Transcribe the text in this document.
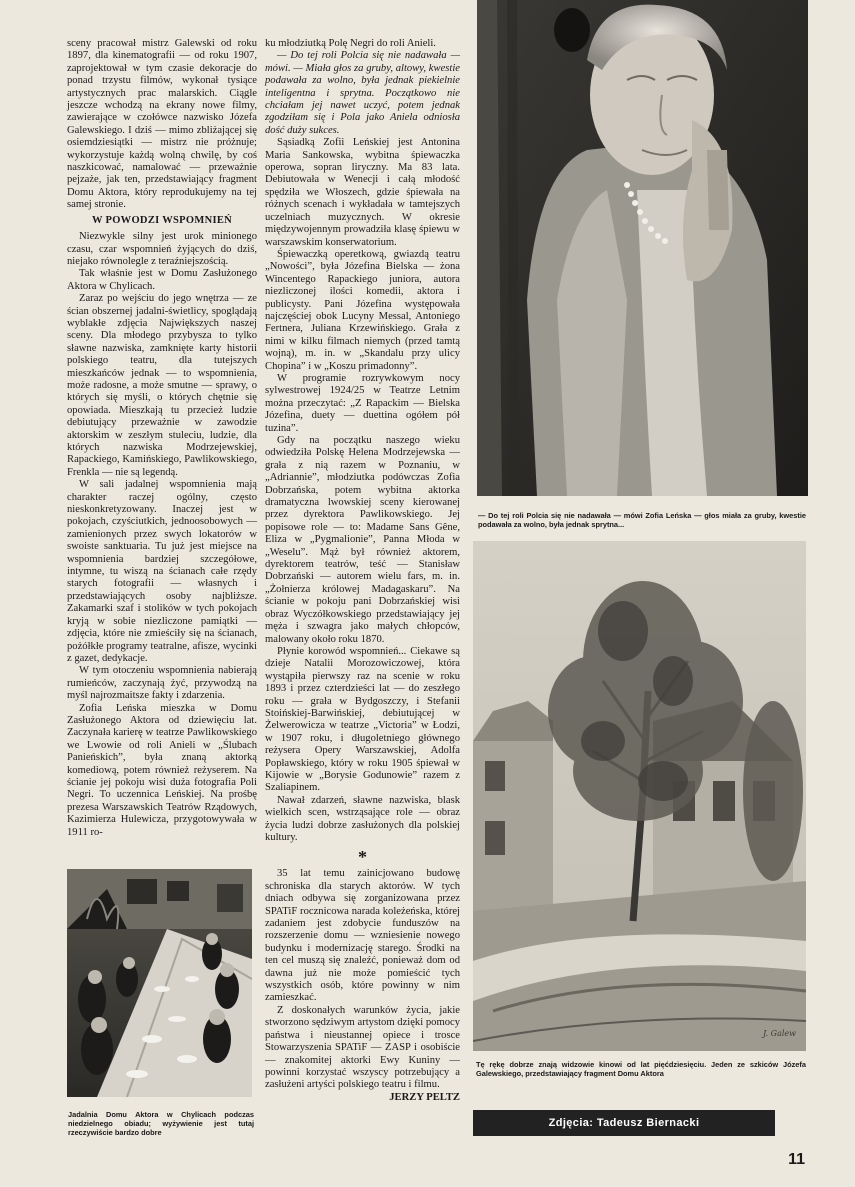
sceny pracował mistrz Galewski od roku 1897, dla kinematografii — od roku 1907, zaprojektował w tym czasie dekoracje do ponad trzystu filmów, wykonał tysiące artystycznych prac malarskich. Ciągle jeszcze wchodzą na ekrany nowe filmy, zawierające w czołówce nazwisko Józefa Galewskiego. I dziś — mimo zbliżającej się osiemdziesiątki — mistrz nie próżnuje; wykorzystuje każdą wolną chwilę, by coś naszkicować, namalować — przeważnie pejzaże, jak ten, przedstawiający fragment Domu Aktora, który reprodukujemy na tej samej stronie.

W POWODZI WSPOMNIEŃ

Niezwykle silny jest urok minionego czasu, czar wspomnień żyjących do dziś, niejako równolegle z teraźniejszością.

Tak właśnie jest w Domu Zasłużonego Aktora w Chylicach.

Zaraz po wejściu do jego wnętrza — ze ścian obszernej jadalni-świetlicy, spoglądają wyblakłe zdjęcia Największych naszej sceny. Dla młodego przybysza to tylko sławne nazwiska, zamknięte karty historii polskiego teatru, dla tutejszych mieszkańców jednak — to wspomnienia, może radosne, a może smutne — sprawy, o których się myśli, o których chętnie się opowiada. Mieszkają tu przecież ludzie debiutujący przeważnie w zawodzie aktorskim w zeszłym stuleciu, ludzie, dla których nazwiska Modrzejewskiej, Rapackiego, Kamińskiego, Pawlikowskiego, Frenkla — nie są legendą.

W sali jadalnej wspomnienia mają charakter raczej ogólny, często nieskonkretyzowany. Inaczej jest w pokojach, czyściutkich, jednoosobowych — zamienionych przez swych lokatorów w swoiste sanktuaria. Tu już jest miejsce na wspomnienia bardziej szczegółowe, intymne, tu wiszą na ścianach całe rzędy starych fotografii — własnych i przedstawiających osoby najbliższe. Zakamarki szaf i stolików w tych pokojach kryją w sobie niezliczone pamiątki — zdjęcia, które nie zmieściły się na ścianach, pożółkłe programy teatralne, afisze, wycinki z gazet, dedykacje.

W tym otoczeniu wspomnienia nabierają rumieńców, zaczynają żyć, przywodzą na myśl najrozmaitsze fakty i zdarzenia.

Zofia Leńska mieszka w Domu Zasłużonego Aktora od dziewięciu lat. Zaczynała karierę w teatrze Pawlikowskiego we Lwowie od roli Anieli w „Ślubach Panieńskich”, była znaną aktorką komediową, potem również reżyserem. Na ścianie jej pokoju wisi duża fotografia Poli Negri. To uczennica Leńskiej. Na prośbę prezesa Warszawskich Teatrów Rządowych, Kazimierza Hulewicza, przygotowywała w 1911 ro-

ku młodziutką Polę Negri do roli Anieli.

— Do tej roli Polcia się nie nadawała — mówi. — Miała głos za gruby, altowy, kwestie podawała za wolno, była jednak piekielnie inteligentna i sprytna. Początkowo nie chciałam jej nawet uczyć, potem jednak zgodziłam się i Pola jako Aniela odniosła dość duży sukces.

Sąsiadką Zofii Leńskiej jest Antonina Maria Sankowska, wybitna śpiewaczka operowa, sopran liryczny. Ma 83 lata. Debiutowała w Wenecji i całą młodość spędziła we Włoszech, gdzie śpiewała na różnych scenach i wykładała w tamtejszych uczelniach muzycznych. W okresie międzywojennym prowadziła klasę śpiewu w warszawskim konserwatorium.

Śpiewaczką operetkową, gwiazdą teatru „Nowości”, była Józefina Bielska — żona Wincentego Rapackiego juniora, autora niezliczonej ilości komedii, aktora i publicysty. Pani Józefina występowała najczęściej obok Lucyny Messal, Antoniego Fertnera, Juliana Krzewińskiego. Grała z nimi w kilku filmach niemych (przed tamtą wojną), m. in. w „Skandalu przy ulicy Chopina” i w „Koszu primadonny”.

W programie rozrywkowym nocy sylwestrowej 1924/25 w Teatrze Letnim można przeczytać: „Z Rapackim — Bielska Józefina, duety — duettina ogółem pół tuzina”.

Gdy na początku naszego wieku odwiedziła Polskę Helena Modrzejewska — grała z nią razem w Poznaniu, w „Adriannie”, młodziutka podówczas Zofia Dobrzańska, potem wybitna aktorka dramatyczna lwowskiej sceny kierowanej przez dyrektora Pawlikowskiego. Jej popisowe role — to: Madame Sans Gêne, Eliza w „Pygmalionie”, Panna Młoda w „Weselu”. Mąż był również aktorem, dyrektorem teatrów, teść — Stanisław Dobrzański — autorem wielu fars, m. in. „Żołnierza królowej Madagaskaru”. Na ścianie w pokoju pani Dobrzańskiej wisi obraz Wyczółkowskiego przedstawiający jej męża i szwagra jako małych chłopców, malowany około roku 1870.

Płynie korowód wspomnień... Ciekawe są dzieje Natalii Morozowiczowej, która wystąpiła pierwszy raz na scenie w roku 1893 i przez czterdzieści lat — do zeszłego roku — grała w Bydgoszczy, i Stefanii Stoińskiej-Barwińskiej, debiutującej w Żelwerowicza w teatrze „Victoria” w Łodzi, w 1907 roku, i długoletniego głównego reżysera Opery Warszawskiej, Adolfa Popławskiego, który w roku 1905 śpiewał w Kijowie w „Borysie Godunowie” razem z Szaliapinem.

Nawał zdarzeń, sławne nazwiska, blask wielkich scen, wstrząsające role — obraz życia ludzi dobrze zasłużonych dla polskiej kultury.

*

35 lat temu zainicjowano budowę schroniska dla starych aktorów. W tych dniach odbywa się zorganizowana przez SPATiF rocznicowa narada koleżeńska, której zadaniem jest zdobycie funduszów na rozszerzenie domu — wzniesienie nowego budynku i modernizację starego. Środki na ten cel muszą się znaleźć, ponieważ dom od dawna już nie może pomieścić tych wszystkich osób, które powinny w nim zamieszkać.

Z doskonałych warunków życia, jakie stworzono sędziwym artystom dzięki pomocy państwa i nieustannej opiece i trosce Stowarzyszenia SPATiF — ZASP i osobiście — znakomitej aktorki Ewy Kuniny — powinni korzystać wszyscy potrzebujący a zasłużeni artyści polskiego teatru i filmu.
JERZY PELTZ

— Do tej roli Polcia się nie nadawała — mówi Zofia Leńska — głos miała za gruby, kwestie podawała za wolno, była jednak sprytna...
J. Galew
Tę rękę dobrze znają widzowie kinowi od lat pięćdziesięciu. Jeden ze szkiców Józefa Galewskiego, przedstawiający fragment Domu Aktora
Zdjęcia: Tadeusz Biernacki
Jadalnia Domu Aktora w Chylicach podczas niedzielnego obiadu; wyżywienie jest tutaj rzeczywiście bardzo dobre
11
